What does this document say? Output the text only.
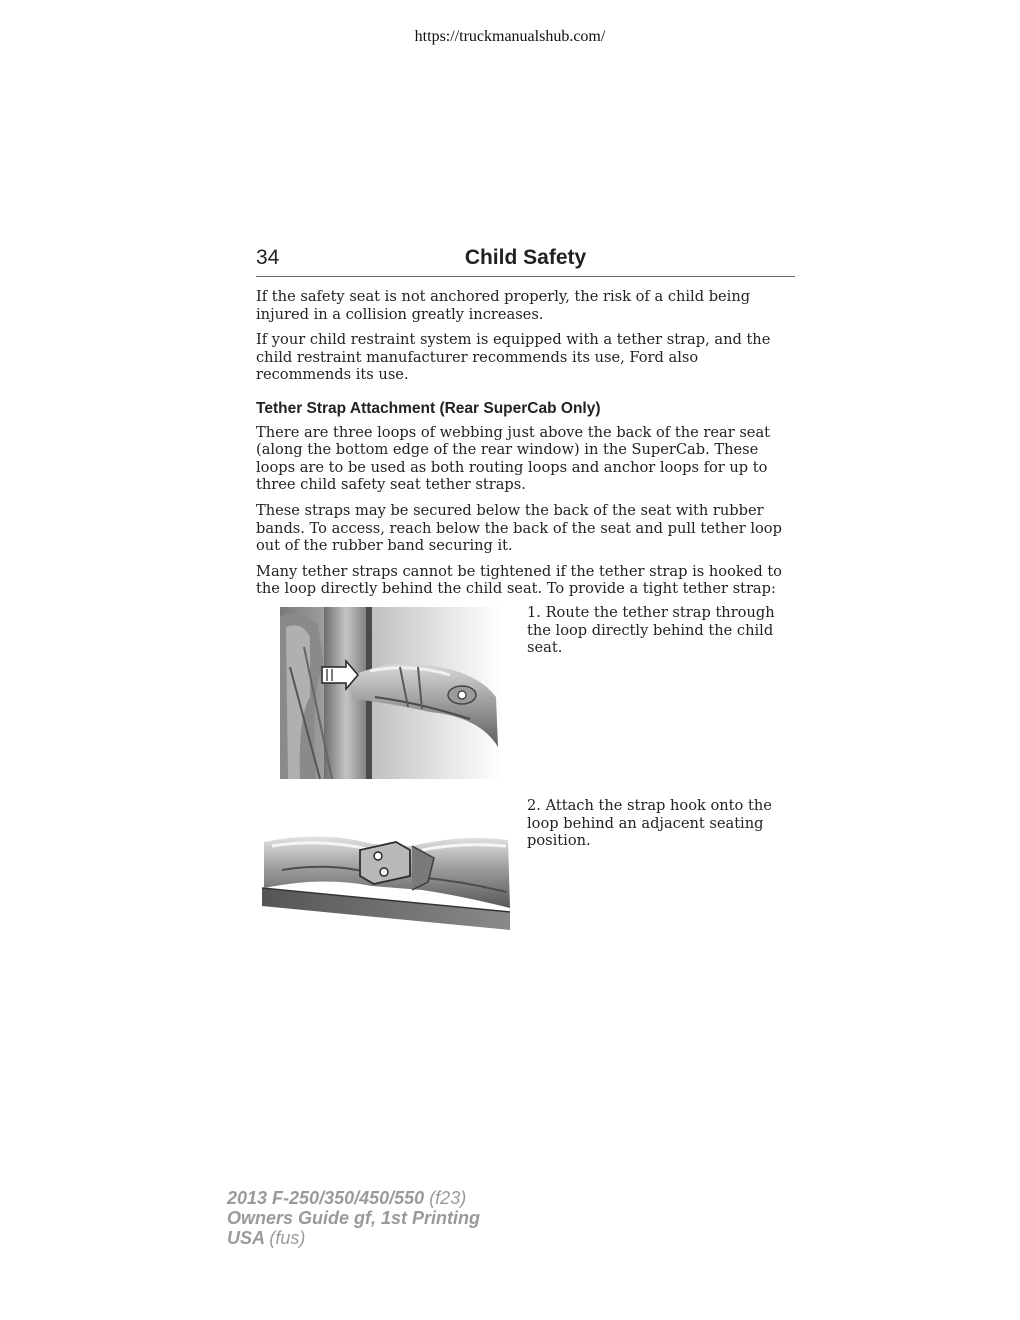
https://truckmanualshub.com/
34	Child Safety

If the safety seat is not anchored properly, the risk of a child being injured in a collision greatly increases.

If your child restraint system is equipped with a tether strap, and the child restraint manufacturer recommends its use, Ford also recommends its use.

Tether Strap Attachment (Rear SuperCab Only)

There are three loops of webbing just above the back of the rear seat (along the bottom edge of the rear window) in the SuperCab. These loops are to be used as both routing loops and anchor loops for up to three child safety seat tether straps.

These straps may be secured below the back of the seat with rubber bands. To access, reach below the back of the seat and pull tether loop out of the rubber band securing it.

Many tether straps cannot be tightened if the tether strap is hooked to the loop directly behind the child seat. To provide a tight tether strap:

1. Route the tether strap through the loop directly behind the child seat.
2. Attach the strap hook onto the loop behind an adjacent seating position.
2013 F-250/350/450/550 (f23)
Owners Guide gf, 1st Printing
USA (fus)
